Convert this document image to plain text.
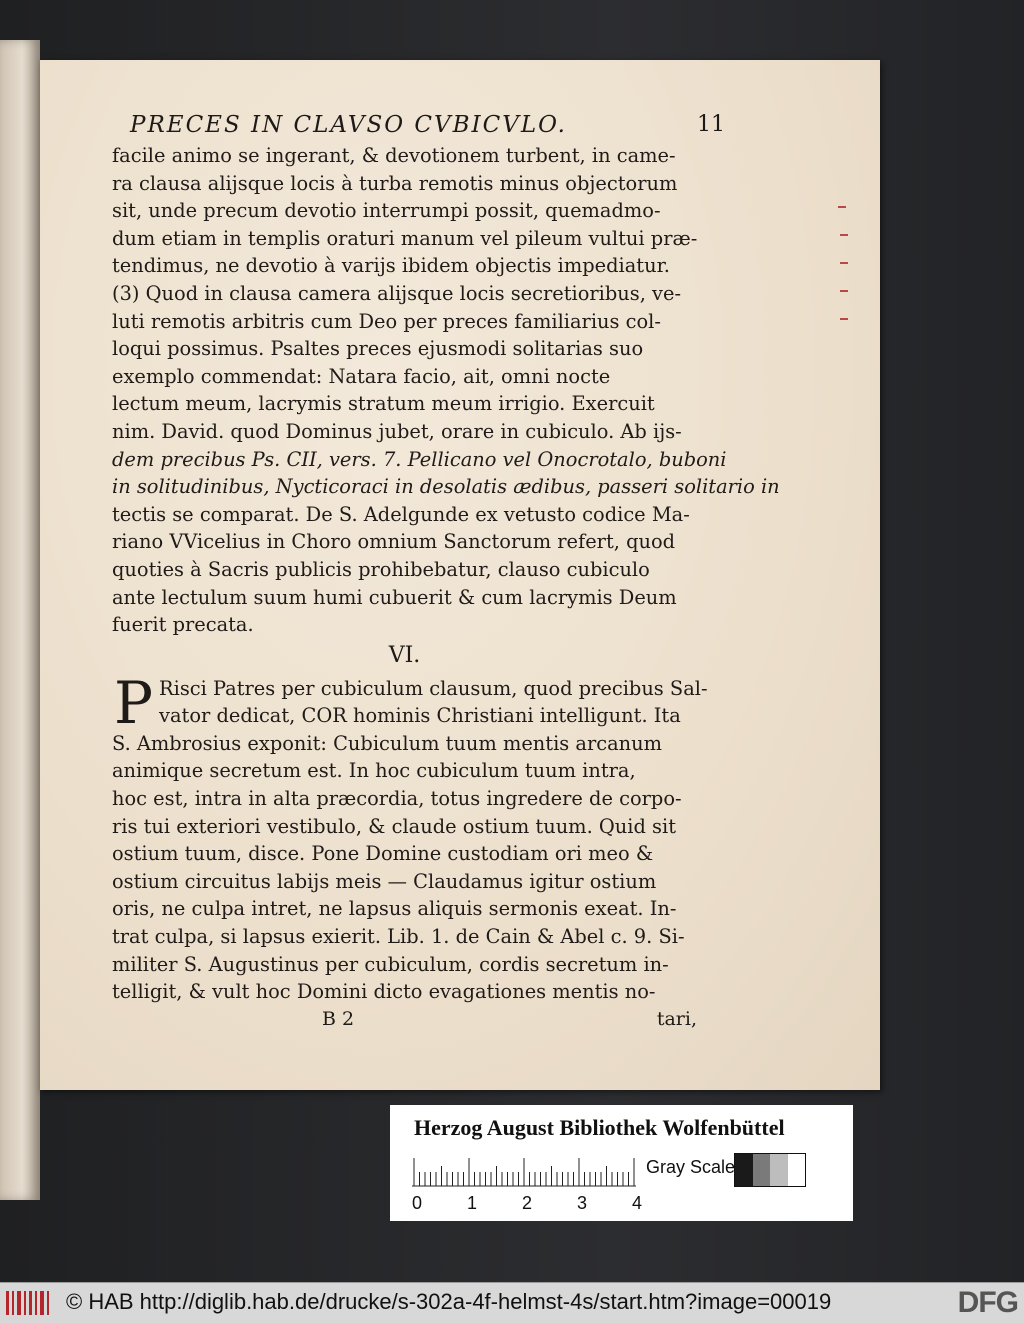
PRECES IN CLAVSO CVBICVLO.	11

facile animo se ingerant, & devotionem turbent, in came-
ra clausa alijsque locis à turba remotis minus objectorum
sit, unde precum devotio interrumpi possit, quemadmo-
dum etiam in templis oraturi manum vel pileum vultui præ-
tendimus, ne devotio à varijs ibidem objectis impediatur.
(3) Quod in clausa camera alijsque locis secretioribus, ve-
luti remotis arbitris cum Deo per preces familiarius col-
loqui possimus. Psaltes preces ejusmodi solitarias suo
exemplo commendat: Natara facio, ait, omni nocte
lectum meum, lacrymis stratum meum irrigio. Exercuit
nim. David. quod Dominus jubet, orare in cubiculo. Ab ijs-
dem precibus Ps. CII, vers. 7. Pellicano vel Onocrotalo, buboni
in solitudinibus, Nycticoraci in desolatis ædibus, passeri solitario in
tectis se comparat. De S. Adelgunde ex vetusto codice Ma-
riano VVicelius in Choro omnium Sanctorum refert, quod
quoties à Sacris publicis prohibebatur, clauso cubiculo
ante lectulum suum humi cubuerit & cum lacrymis Deum
fuerit precata.

VI.

P Risci Patres per cubiculum clausum, quod precibus Sal-
vator dedicat, COR hominis Christiani intelligunt. Ita
S. Ambrosius exponit: Cubiculum tuum mentis arcanum
animique secretum est. In hoc cubiculum tuum intra,
hoc est, intra in alta præcordia, totus ingredere de corpo-
ris tui exteriori vestibulo, & claude ostium tuum. Quid sit
ostium tuum, disce. Pone Domine custodiam ori meo &
ostium circuitus labijs meis — Claudamus igitur ostium
oris, ne culpa intret, ne lapsus aliquis sermonis exeat. In-
trat culpa, si lapsus exierit. Lib. 1. de Cain & Abel c. 9. Si-
militer S. Augustinus per cubiculum, cordis secretum in-
telligit, & vult hoc Domini dicto evagationes mentis no-

B 2	tari,
Herzog August Bibliothek Wolfenbüttel
0 1 2 3 4
Gray Scale
© HAB http://diglib.hab.de/drucke/s-302a-4f-helmst-4s/start.htm?image=00019	DFG
